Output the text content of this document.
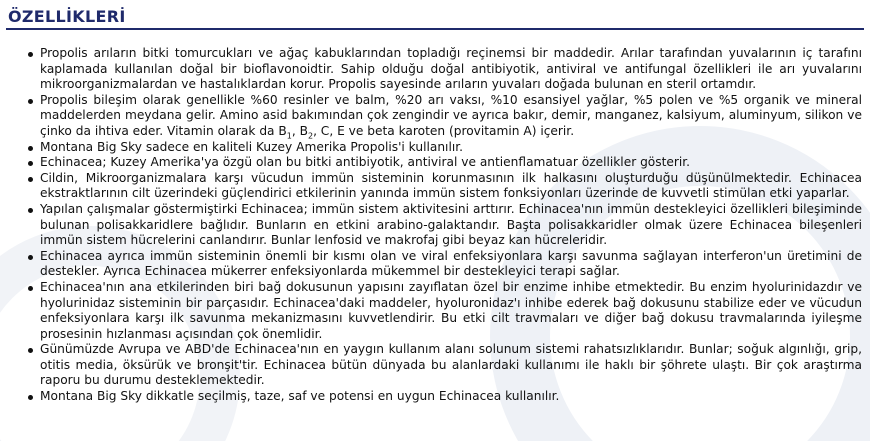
ÖZELLİKLERİ
Propolis arıların bitki tomurcukları ve ağaç kabuklarından topladığı reçinemsi bir maddedir. Arılar tarafından yuvalarının iç tarafını kaplamada kullanılan doğal bir bioflavonoidtir. Sahip olduğu doğal antibiyotik, antiviral ve antifungal özellikleri ile arı yuvalarını mikroorganizmalardan ve hastalıklardan korur. Propolis sayesinde arıların yuvaları doğada bulunan en steril ortamdır.
Propolis bileşim olarak genellikle %60 resinler ve balm, %20 arı vaksı, %10 esansiyel yağlar, %5 polen ve %5 organik ve mineral maddelerden meydana gelir. Amino asid bakımından çok zengindir ve ayrıca bakır, demir, manganez, kalsiyum, aluminyum, silikon ve çinko da ihtiva eder. Vitamin olarak da $B_1$, $B_2$, C, E ve beta karoten (provitamin A) içerir.
Montana Big Sky sadece en kaliteli Kuzey Amerika Propolis'i kullanılır.
Echinacea; Kuzey Amerika'ya özgü olan bu bitki antibiyotik, antiviral ve antienflamatuar özellikler gösterir.
Cildin, Mikroorganizmalara karşı vücudun immün sisteminin korunmasının ilk halkasını oluşturduğu düşünülmektedir. Echinacea ekstraktlarının cilt üzerindeki güçlendirici etkilerinin yanında immün sistem fonksiyonları üzerinde de kuvvetli stimülan etki yaparlar.
Yapılan çalışmalar göstermiştirki Echinacea; immün sistem aktivitesini arttırır. Echinacea'nın immün destekleyici özellikleri bileşiminde bulunan polisakkaridlere bağlıdır. Bunların en etkini arabino-galaktandır. Başta polisakkaridler olmak üzere Echinacea bileşenleri immün sistem hücrelerini canlandırır. Bunlar lenfosid ve makrofaj gibi beyaz kan hücreleridir.
Echinacea ayrıca immün sisteminin önemli bir kısmı olan ve viral enfeksiyonlara karşı savunma sağlayan interferon'un üretimini de destekler. Ayrıca Echinacea mükerrer enfeksiyonlarda mükemmel bir destekleyici terapi sağlar.
Echinacea'nın ana etkilerinden biri bağ dokusunun yapısını zayıflatan özel bir enzime inhibe etmektedir. Bu enzim hyolurinidazdır ve hyolurinidaz sisteminin bir parçasıdır. Echinacea'daki maddeler, hyoluronidaz'ı inhibe ederek bağ dokusunu stabilize eder ve vücudun enfeksiyonlara karşı ilk savunma mekanizmasını kuvvetlendirir. Bu etki cilt travmaları ve diğer bağ dokusu travmalarında iyileşme prosesinin hızlanması açısından çok önemlidir.
Günümüzde Avrupa ve ABD'de Echinacea'nın en yaygın kullanım alanı solunum sistemi rahatsızlıklarıdır. Bunlar; soğuk algınlığı, grip, otitis media, öksürük ve bronşit'tir. Echinacea bütün dünyada bu alanlardaki kullanımı ile haklı bir şöhrete ulaştı. Bir çok araştırma raporu bu durumu desteklemektedir.
Montana Big Sky dikkatle seçilmiş, taze, saf ve potensi en uygun Echinacea kullanılır.
